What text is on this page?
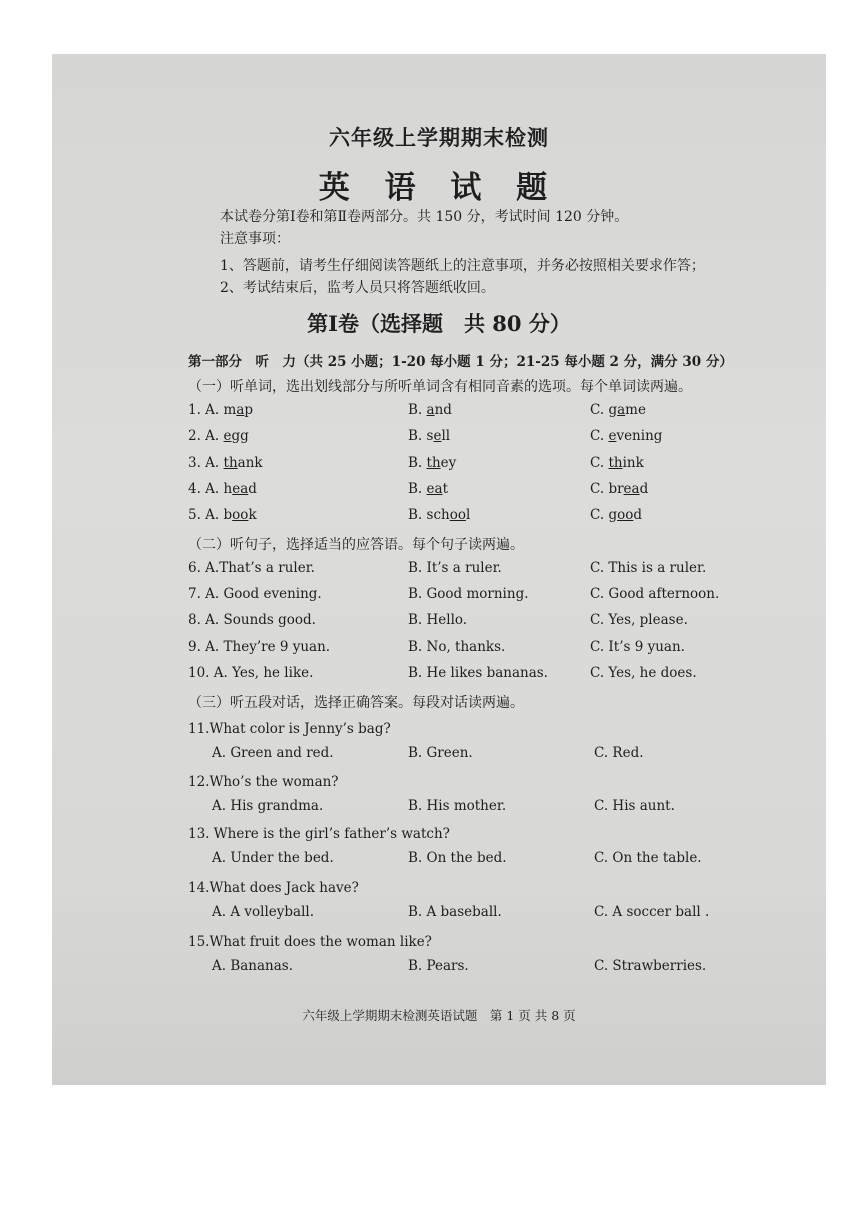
六年级上学期期末检测
英 语 试 题
本试卷分第Ⅰ卷和第Ⅱ卷两部分。共 150 分，考试时间 120 分钟。
注意事项：
1、答题前，请考生仔细阅读答题纸上的注意事项，并务必按照相关要求作答；
2、考试结束后，监考人员只将答题纸收回。
第Ⅰ卷（选择题　共 80 分）
第一部分　听　力（共 25 小题；1-20 每小题 1 分；21-25 每小题 2 分，满分 30 分）
（一）听单词，选出划线部分与所听单词含有相同音素的选项。每个单词读两遍。
1. A. map	B. and	C. game
2. A. egg	B. sell	C. evening
3. A. thank	B. they	C. think
4. A. head	B. eat	C. bread
5. A. book	B. school	C. good
（二）听句子，选择适当的应答语。每个句子读两遍。
6. A.That’s a ruler.	B. It’s a ruler.	C. This is a ruler.
7. A. Good evening.	B. Good morning.	C. Good afternoon.
8. A. Sounds good.	B. Hello.	C. Yes, please.
9. A. They’re 9 yuan.	B. No, thanks.	C. It’s 9 yuan.
10. A. Yes, he like.	B. He likes bananas.	C. Yes, he does.
（三）听五段对话，选择正确答案。每段对话读两遍。
11.What color is Jenny’s bag?
A. Green and red.	B. Green.	C. Red.
12.Who’s the woman?
A. His grandma.	B. His mother.	C. His aunt.
13. Where is the girl’s father’s watch?
A. Under the bed.	B. On the bed.	C. On the table.
14.What does Jack have?
A. A volleyball.	B. A baseball.	C. A soccer ball .
15.What fruit does the woman like?
A. Bananas.	B. Pears.	C. Strawberries.
六年级上学期期末检测英语试题　第 1 页 共 8 页
